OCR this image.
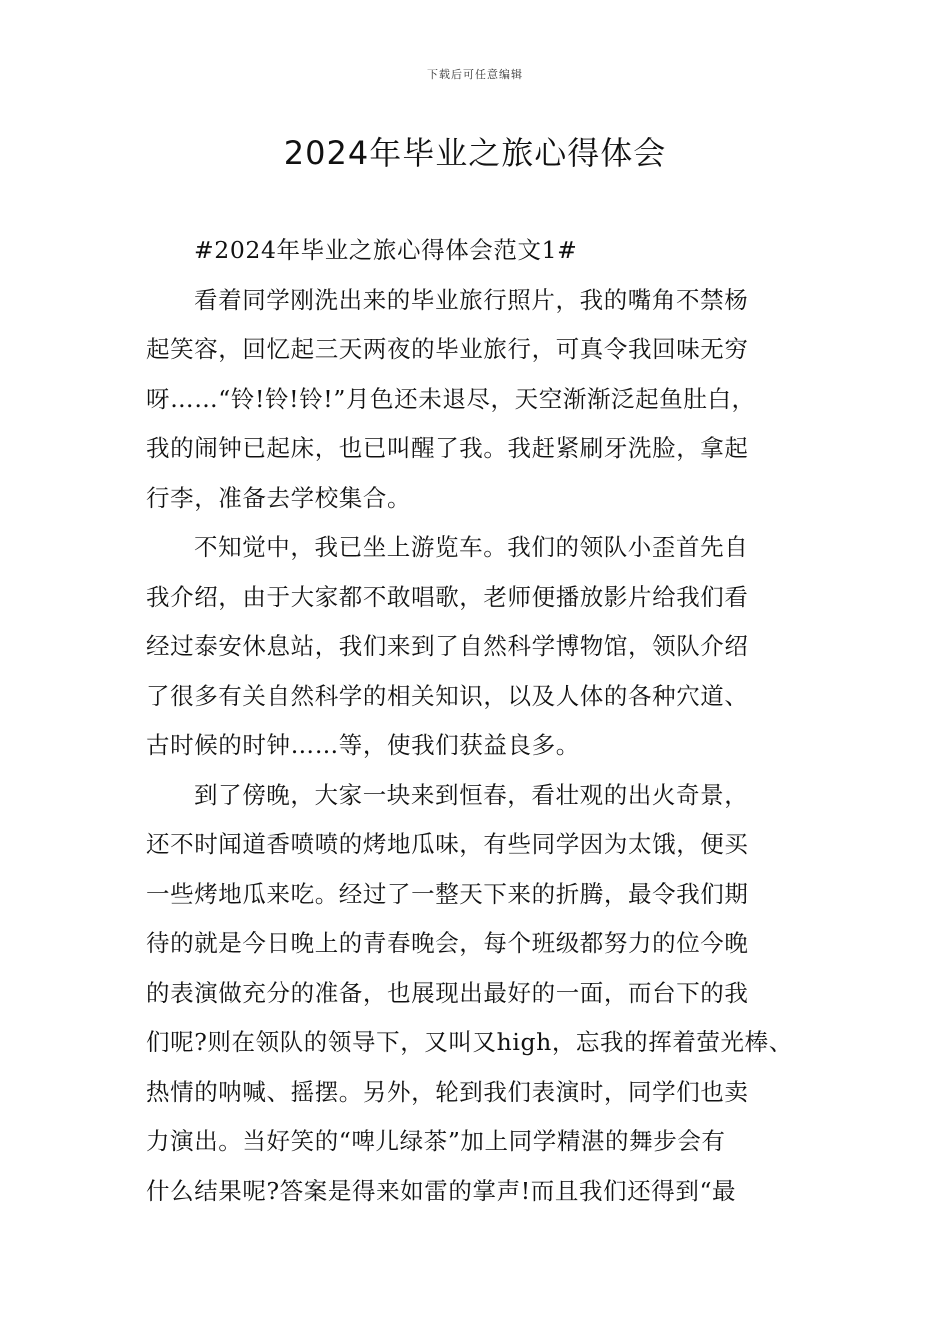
下载后可任意编辑
2024年毕业之旅心得体会
#2024年毕业之旅心得体会范文1#
看着同学刚洗出来的毕业旅行照片，我的嘴角不禁杨
起笑容，回忆起三天两夜的毕业旅行，可真令我回味无穷
呀……“铃!铃!铃!”月色还未退尽，天空渐渐泛起鱼肚白，
我的闹钟已起床，也已叫醒了我。我赶紧刷牙洗脸，拿起
行李，准备去学校集合。
不知觉中，我已坐上游览车。我们的领队小歪首先自
我介绍，由于大家都不敢唱歌，老师便播放影片给我们看
经过泰安休息站，我们来到了自然科学博物馆，领队介绍
了很多有关自然科学的相关知识，以及人体的各种穴道、
古时候的时钟……等，使我们获益良多。
到了傍晚，大家一块来到恒春，看壮观的出火奇景，
还不时闻道香喷喷的烤地瓜味，有些同学因为太饿，便买
一些烤地瓜来吃。经过了一整天下来的折腾，最令我们期
待的就是今日晚上的青春晚会，每个班级都努力的位今晚
的表演做充分的准备，也展现出最好的一面，而台下的我
们呢?则在领队的领导下，又叫又high，忘我的挥着萤光棒、
热情的呐喊、摇摆。另外，轮到我们表演时，同学们也卖
力演出。当好笑的“啤儿绿茶”加上同学精湛的舞步会有
什么结果呢?答案是得来如雷的掌声!而且我们还得到“最
